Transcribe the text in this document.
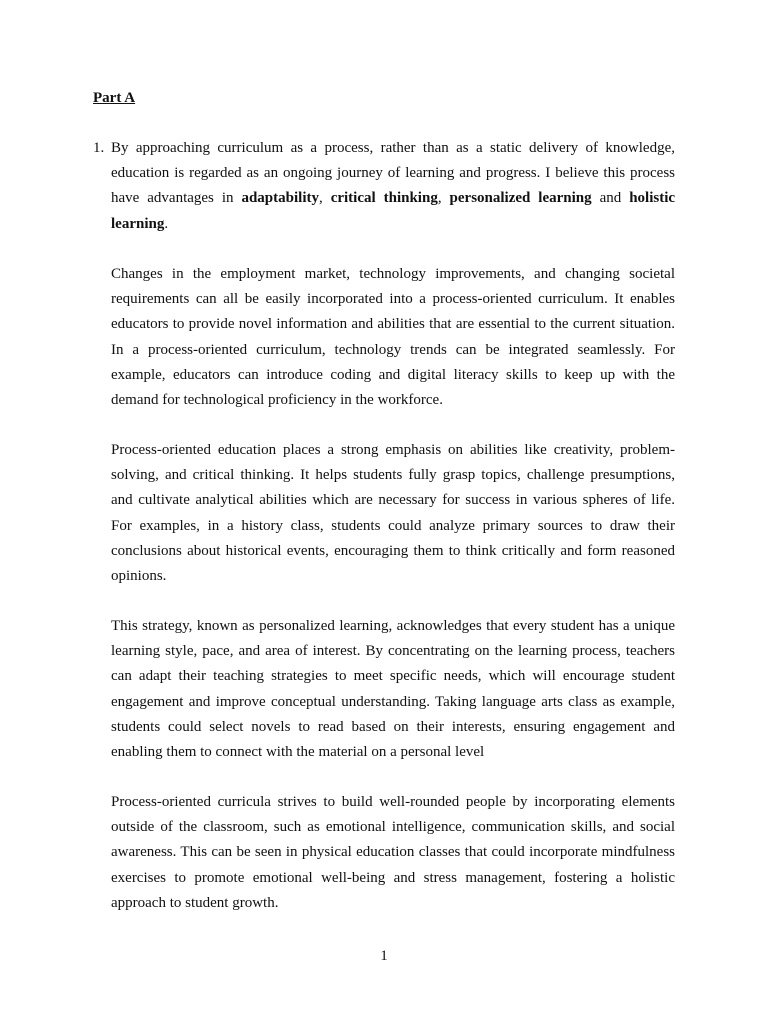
Part A
1. By approaching curriculum as a process, rather than as a static delivery of knowledge, education is regarded as an ongoing journey of learning and progress. I believe this process have advantages in adaptability, critical thinking, personalized learning and holistic learning.

Changes in the employment market, technology improvements, and changing societal requirements can all be easily incorporated into a process-oriented curriculum. It enables educators to provide novel information and abilities that are essential to the current situation. In a process-oriented curriculum, technology trends can be integrated seamlessly. For example, educators can introduce coding and digital literacy skills to keep up with the demand for technological proficiency in the workforce.

Process-oriented education places a strong emphasis on abilities like creativity, problem-solving, and critical thinking. It helps students fully grasp topics, challenge presumptions, and cultivate analytical abilities which are necessary for success in various spheres of life. For examples, in a history class, students could analyze primary sources to draw their conclusions about historical events, encouraging them to think critically and form reasoned opinions.

This strategy, known as personalized learning, acknowledges that every student has a unique learning style, pace, and area of interest. By concentrating on the learning process, teachers can adapt their teaching strategies to meet specific needs, which will encourage student engagement and improve conceptual understanding. Taking language arts class as example, students could select novels to read based on their interests, ensuring engagement and enabling them to connect with the material on a personal level

Process-oriented curricula strives to build well-rounded people by incorporating elements outside of the classroom, such as emotional intelligence, communication skills, and social awareness. This can be seen in physical education classes that could incorporate mindfulness exercises to promote emotional well-being and stress management, fostering a holistic approach to student growth.

1
